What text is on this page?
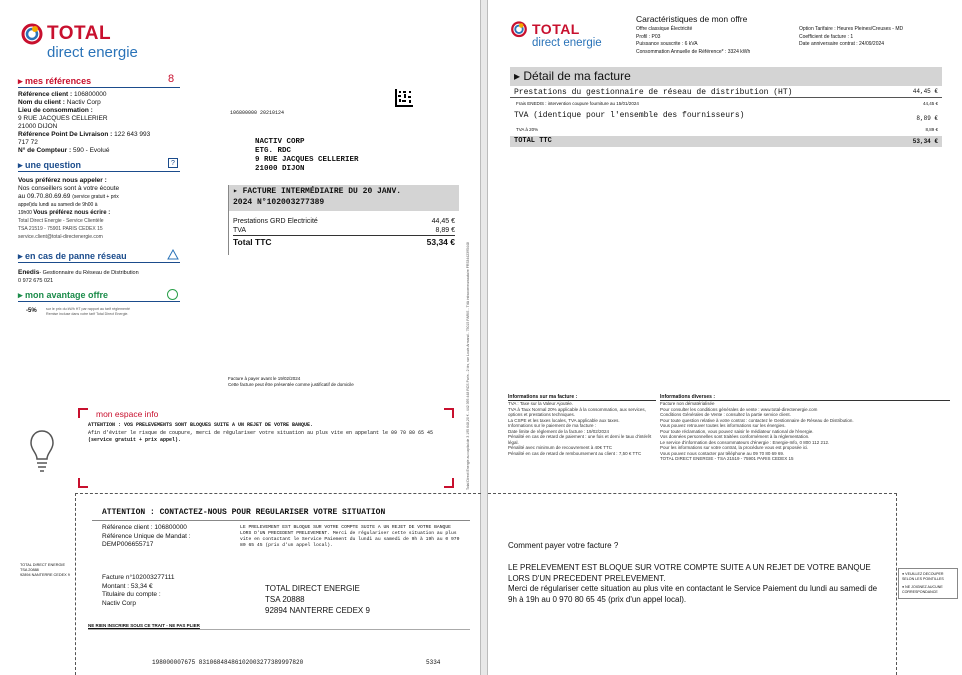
TOTAL
direct energie
▸ mes références	8
Référence client : 106800000
Nom du client : Nactiv Corp
Lieu de consommation :
9 RUE JACQUES CELLERIER
21000 DIJON
Référence Point De Livraison : 122 643 993
717 72
N° de Compteur : 590 - Evolué
▸ une question	?
Vous préférez nous appeler :
Nos conseillers sont à votre écoute
au 09.70.80.69.69 (service gratuit + prix
appel)du lundi au samedi de 9h00 à
19h00 Vous préférez nous écrire :
Total Direct Energie - Service Clientèle
TSA 21519 - 75901 PARIS CEDEX 15
service.client@total-directenergie.com
▸ en cas de panne réseau
Enedis- Gestionnaire du Réseau de Distribution
0 972 675 021
▸ mon avantage offre
-5%	sur le prix du kWh HT par rapport au tarif réglementé
Remise incluse dans votre tarif Total Direct Energie.
106800000 20210124
NACTIV CORP
ETG. RDC
9 RUE JACQUES CELLERIER
21000 DIJON
▸ FACTURE INTERMÉDIAIRE DU 20 JANV.
2024 N°102003277389
Prestations GRD Electricité	44,45 €
TVA	8,89 €
Total TTC	53,34 €
Facture à payer avant le 19/02/2024
Cette facture peut être présentée comme justificatif de domicile	Total Direct Energie au capital de 3 195 648,20 € - 442 395 448 RCS Paris - 2 bis, rue Louis Armand - 75015 PARIS - TVA intracommunautaire FR53442395448
mon espace info
ATTENTION : VOS PRELEVEMENTS SONT BLOQUES SUITE A UN REJET DE VOTRE BANQUE.
Afin d'éviter le risque de coupure, merci de régulariser votre situation au plus vite en appelant le 09 70 80 65 45
(service gratuit + prix appel).
ATTENTION : CONTACTEZ-NOUS POUR REGULARISER VOTRE SITUATION
Référence client : 106800000
Référence Unique de Mandat :
DEMP006655717
LE PRELEVEMENT EST BLOQUE SUR VOTRE COMPTE SUITE A UN REJET DE VOTRE BANQUE LORS D'UN PRECEDENT PRELEVEMENT. Merci de régulariser cette situation au plus vite en contactant le Service Paiement du lundi au samedi de 9h à 19h au 0 970 80 65 45 (prix d'un appel local).
Facture n°102003277111
Montant : 53,34 €
Titulaire du compte :
Nactiv Corp
TOTAL DIRECT ENERGIE
TSA 20888
92894 NANTERRE CEDEX 9
NE RIEN INSCRIRE SOUS CE TRAIT - NE PAS PLIER
198000007675 83106848486102003277389997820	5334
TOTAL DIRECT ENERGIE
TSA 20888
92894 NANTERRE CEDEX 9
TOTAL
direct energie
Caractéristiques de mon offre
Offre classique Électricité
Profil : P03
Puissance souscrite : 6 kVA
Consommation Annuelle de Référence* : 3324 kWh
Option Tarifaire : Heures Pleines/Creuses - MD
Coefficient de facture : 1
Date anniversaire contrat : 24/09/2024
▸ Détail de ma facture
Prestations du gestionnaire de réseau de distribution (HT)	44,45 €
Frais ENEDIS : intervention coupure fourniture au 15/01/2024	44,45 €
TVA (identique pour l'ensemble des fournisseurs)	8,89 €
TVA à 20%	8,89 €
TOTAL TTC	53,34 €
Informations sur ma facture :
TVA : Taxe sur la Valeur Ajoutée.
TVA à Taux Normal 20% applicable à la consommation, aux services, options et prestations techniques.
La CSPE et les taxes locales, TVA applicable aux taxes.
Informations sur le paiement de ma facture :
Date limite de règlement de la facture : 19/02/2024
Pénalité en cas de retard de paiement : une fois et demi le taux d'intérêt légal.
Pénalité avec minimum de recouvrement à 40€ TTC
Pénalité en cas de retard de remboursement au client : 7,50 € TTC
Informations diverses :
Facture non dématérialisée
Pour consulter les conditions générales de vente : www.total-directenergie.com
Conditions Générales de Vente : consultez la partie service client.
Pour toute question relative à votre contrat : contactez le Gestionnaire de Réseau de Distribution.
Vous pouvez retrouver toutes les informations sur les énergies.
Pour toute réclamation, vous pouvez saisir le médiateur national de l'énergie.
Vos données personnelles sont traitées conformément à la réglementation.
Le service d'information des consommateurs d'énergie : Energie-Info, 0 800 112 212.
Pour les informations sur votre contrat, la procédure vous est proposée ici.
Vous pouvez nous contacter par téléphone au 09 70 80 69 69.
TOTAL DIRECT ENERGIE - TSA 21519 - 75901 PARIS CEDEX 15
Comment payer votre facture ?
LE PRELEVEMENT EST BLOQUE SUR VOTRE COMPTE SUITE A UN REJET DE VOTRE BANQUE LORS D'UN PRECEDENT PRELEVEMENT.
Merci de régulariser cette situation au plus vite en contactant le Service Paiement du lundi au samedi de 9h à 19h au 0 970 80 65 45 (prix d'un appel local).
● VEUILLEZ DECOUPER SELON LES POINTILLES
● NE JOIGNEZ AUCUNE CORRESPONDANCE
